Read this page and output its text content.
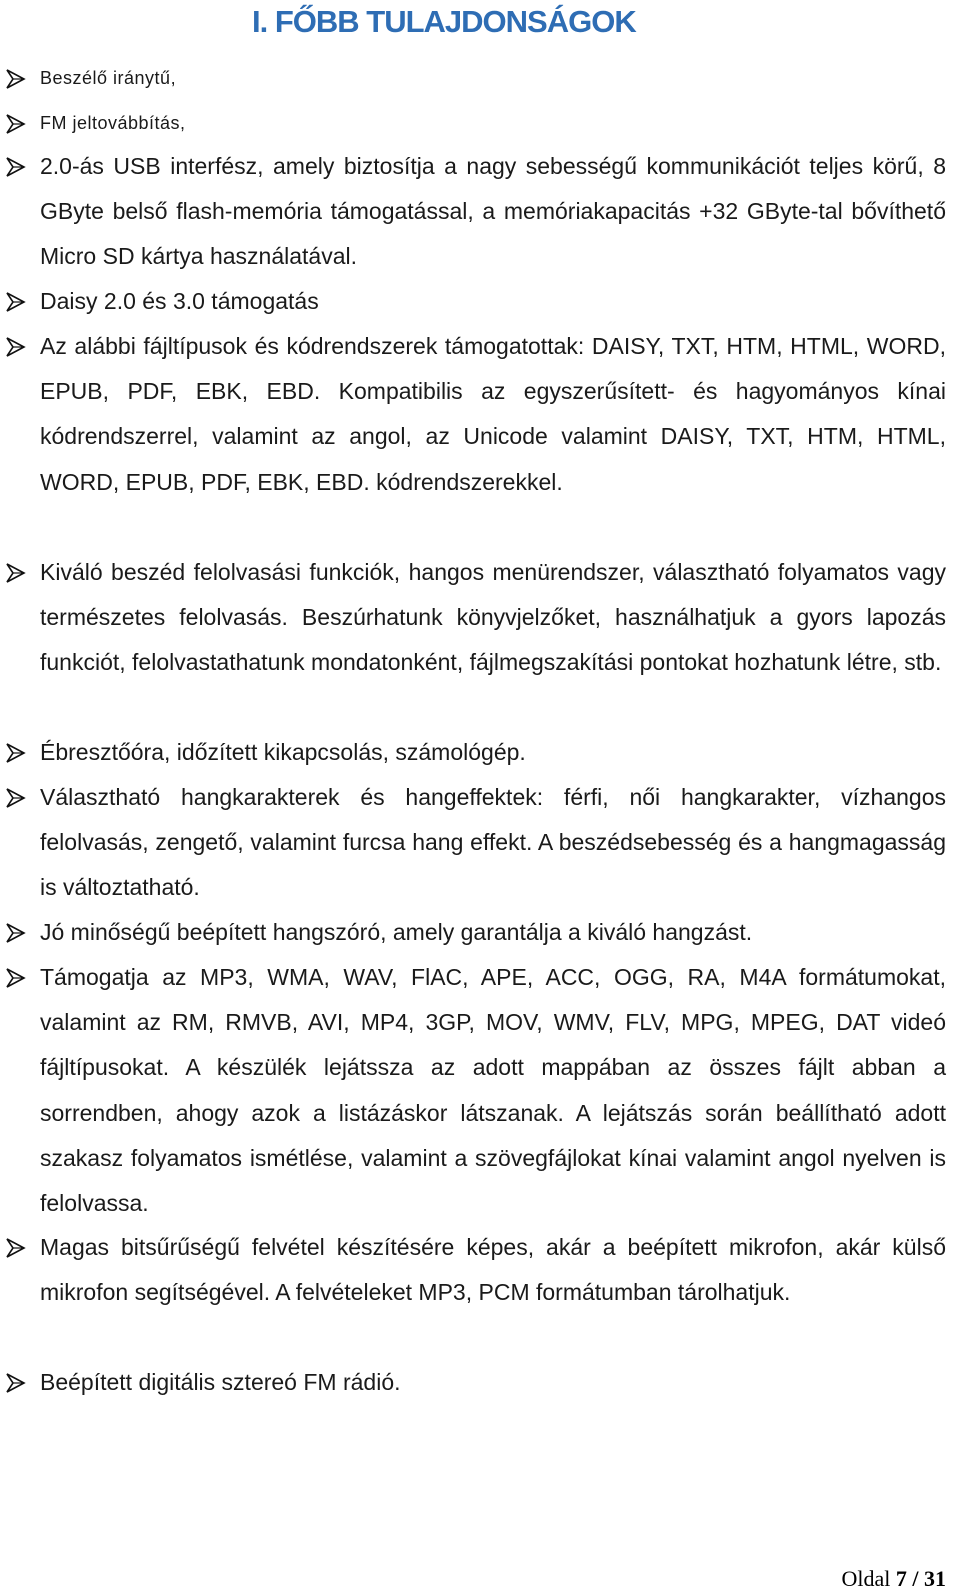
I. FŐBB TULAJDONSÁGOK

Beszélő iránytű,

FM jeltovábbítás,

2.0-ás USB interfész, amely biztosítja a nagy sebességű kommunikációt teljes körű, 8 GByte belső flash-memória támogatással, a memóriakapacitás +32 GByte-tal bővíthető Micro SD kártya használatával.

Daisy 2.0 és 3.0 támogatás

Az alábbi fájltípusok és kódrendszerek támogatottak: DAISY, TXT, HTM, HTML, WORD, EPUB, PDF, EBK, EBD. Kompatibilis az egyszerűsített- és hagyományos kínai kódrendszerrel, valamint az angol, az Unicode valamint DAISY, TXT, HTM, HTML, WORD, EPUB, PDF, EBK, EBD. kódrendszerekkel.

Kiváló beszéd felolvasási funkciók, hangos menürendszer, választható folyamatos vagy természetes felolvasás. Beszúrhatunk könyvjelzőket, használhatjuk a gyors lapozás funkciót, felolvastathatunk mondatonként, fájlmegszakítási pontokat hozhatunk létre, stb.

Ébresztőóra, időzített kikapcsolás, számológép.

Választható hangkarakterek és hangeffektek: férfi, női hangkarakter, vízhangos felolvasás, zengető, valamint furcsa hang effekt. A beszédsebesség és a hangmagasság is változtatható.

Jó minőségű beépített hangszóró, amely garantálja a kiváló hangzást.

Támogatja az MP3, WMA, WAV, FlAC, APE, ACC, OGG, RA, M4A formátumokat, valamint az RM, RMVB, AVI, MP4, 3GP, MOV, WMV, FLV, MPG, MPEG, DAT videó fájltípusokat. A készülék lejátssza az adott mappában az összes fájlt abban a sorrendben, ahogy azok a listázáskor látszanak. A lejátszás során beállítható adott szakasz folyamatos ismétlése, valamint a szövegfájlokat kínai valamint angol nyelven is felolvassa.

Magas bitsűrűségű felvétel készítésére képes, akár a beépített mikrofon, akár külső mikrofon segítségével. A felvételeket MP3, PCM formátumban tárolhatjuk.

Beépített digitális sztereó FM rádió.

Oldal 7 / 31
